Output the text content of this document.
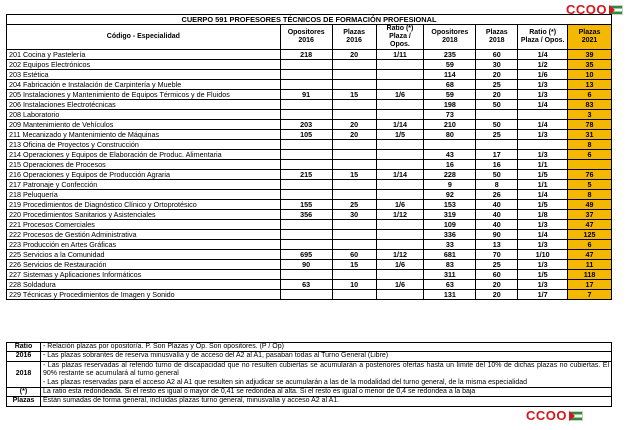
CCOO
CUERPO 591 PROFESORES TÉCNICOS DE FORMACIÓN PROFESIONAL							
Código - Especialidad	Opositores 2016	Plazas 2016	Ratio (*) Plaza / Opos.	Opositores 2018	Plazas 2018	Ratio (*) Plaza / Opos.	Plazas 2021
201 Cocina y Pastelería	218	20	1/11	235	60	1/4	39
202 Equipos Electrónicos				59	30	1/2	35
203 Estética				114	20	1/6	10
204 Fabricación e Instalación de Carpintería y Mueble				68	25	1/3	13
205 Instalaciones y Mantenimiento de Equipos Térmicos y de Fluidos	91	15	1/6	59	20	1/3	6
206 Instalaciones Electrotécnicas				198	50	1/4	83
208 Laboratorio				73			3
209 Mantenimiento de Vehículos	203	20	1/14	210	50	1/4	78
211 Mecanizado y Mantenimiento de Máquinas	105	20	1/5	80	25	1/3	31
213 Oficina de Proyectos y Construcción							8
214 Operaciones y Equipos de Elaboración de Produc. Alimentaria				43	17	1/3	6
215 Operaciones de Procesos				16	16	1/1	
216 Operaciones y Equipos de Producción Agraria	215	15	1/14	228	50	1/5	76
217 Patronaje y Confección				9	8	1/1	5
218 Peluquería				92	26	1/4	8
219 Procedimientos de Diagnóstico Clínico y Ortoprotésico	155	25	1/6	153	40	1/5	49
220 Procedimientos Sanitarios y Asistenciales	356	30	1/12	319	40	1/8	37
221 Procesos Comerciales				109	40	1/3	47
222 Procesos de Gestión Administrativa				336	90	1/4	125
223 Producción en Artes Gráficas				33	13	1/3	6
225 Servicios a la Comunidad	695	60	1/12	681	70	1/10	47
226 Servicios de Restauración	90	15	1/6	83	25	1/3	11
227 Sistemas y Aplicaciones Informáticos				311	60	1/5	118
228 Soldadura	63	10	1/6	63	20	1/3	17
229 Técnicas y Procedimientos de Imagen y Sonido				131	20	1/7	7
Ratio	- Relación plazas por opositor/a. P. Son Plazas y Op. Son opositores. (P / Op)

2016	- Las plazas sobrantes de reserva minusvalía y de acceso del A2 al A1, pasaban todas al Turno General (Libre)

2018	- Las plazas reservadas al referido turno de discapacidad que no resulten cubiertas se acumularán a posteriores ofertas hasta un límite del 10% de dichas plazas no cubiertas. El 90% restante se acumulará al turno general
- Las plazas reservadas para el acceso A2 al A1 que resulten sin adjudicar se acumularán a las de la modalidad del turno general, de la misma especialidad

(*)	La ratio esta redondeada. Si el resto es igual o mayor de 0,41 se redondea al alta. Si el resto es igual o menor de 0,4 se redondea a la baja

Plazas	Están sumadas de forma general, incluidas plazas turno general, minusvalía y acceso A2 al A1.
CCOO
